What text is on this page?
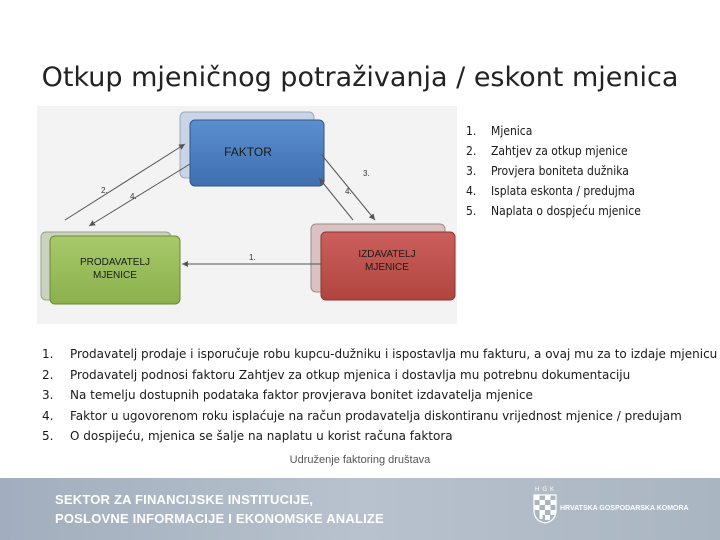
Otkup mjeničnog potraživanja / eskont mjenica
FAKTOR
PRODAVATELJ
MJENICE
IZDAVATELJ
MJENICE
1.
2.
4.
3.
4.
1.	Mjenica
2.	Zahtjev za otkup mjenice
3.	Provjera boniteta dužnika
4.	Isplata eskonta / predujma
5.	Naplata o dospjeću mjenice
1.	Prodavatelj prodaje i isporučuje robu kupcu-dužniku i ispostavlja mu fakturu, a ovaj mu za to izdaje mjenicu
2.	Prodavatelj podnosi faktoru Zahtjev za otkup mjenica i dostavlja mu potrebnu dokumentaciju
3.	Na temelju dostupnih podataka faktor provjerava bonitet izdavatelja mjenice
4.	Faktor u ugovorenom roku isplaćuje na račun prodavatelja diskontiranu vrijednost mjenice / predujam
5.	O dospijeću, mjenica se šalje na naplatu u korist računa faktora
Udruženje faktoring društava
SEKTOR ZA FINANCIJSKE INSTITUCIJE,
POSLOVNE INFORMACIJE I EKONOMSKE ANALIZE
HGK
HRVATSKA GOSPODARSKA KOMORA
